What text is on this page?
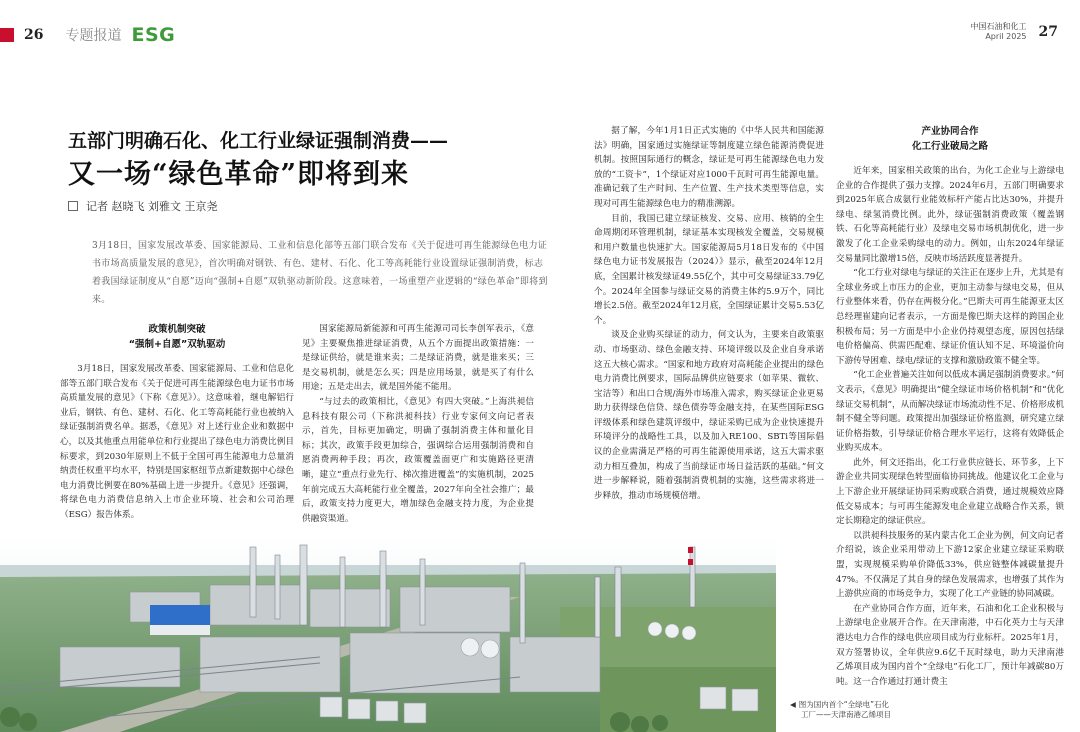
26 专题报道 ESG	中国石油和化工
April 2025 27
五部门明确石化、化工行业绿证强制消费——
又一场“绿色革命”即将到来
记者 赵晓飞 刘雅文 王京尧
3月18日，国家发展改革委、国家能源局、工业和信息化部等五部门联合发布《关于促进可再生能源绿色电力证书市场高质量发展的意见》，首次明确对钢铁、有色、建材、石化、化工等高耗能行业设置绿证强制消费，标志着我国绿证制度从“自愿”迈向“强制+自愿”双轨驱动新阶段。这意味着，一场重塑产业逻辑的“绿色革命”即将到来。
政策机制突破
“强制+自愿”双轨驱动

3月18日，国家发展改革委、国家能源局、工业和信息化部等五部门联合发布《关于促进可再生能源绿色电力证书市场高质量发展的意见》（下称《意见》）。这意味着，继电解铝行业后，钢铁、有色、建材、石化、化工等高耗能行业也被纳入绿证强制消费名单。据悉，《意见》对上述行业企业和数据中心，以及其他重点用能单位和行业提出了绿色电力消费比例目标要求，到2030年原则上不低于全国可再生能源电力总量消纳责任权重平均水平，特别是国家枢纽节点新建数据中心绿色电力消费比例要在80%基础上进一步提升。《意见》还强调，将绿色电力消费信息纳入上市企业环境、社会和公司治理（ESG）报告体系。

国家能源局新能源和可再生能源司司长李创军表示，《意见》主要聚焦推进绿证消费，从五个方面提出政策措施：一是绿证供给，就是谁来卖；二是绿证消费，就是谁来买；三是交易机制，就是怎么买；四是应用场景，就是买了有什么用途；五是走出去，就是国外能不能用。

“与过去的政策相比，《意见》有四大突破。”上海洪昶信息科技有限公司（下称洪昶科技）行业专家何文向记者表示，首先，目标更加确定，明确了强制消费主体和量化目标；其次，政策手段更加综合，强调综合运用强制消费和自愿消费两种手段；再次，政策覆盖面更广和实施路径更清晰，建立“重点行业先行、梯次推进覆盖”的实施机制，2025年前完成五大高耗能行业全覆盖，2027年向全社会推广；最后，政策支持力度更大，增加绿色金融支持力度，为企业提供融资渠道。

据了解，今年1月1日正式实施的《中华人民共和国能源法》明确，国家通过实施绿证等制度建立绿色能源消费促进机制。按照国际通行的概念，绿证是可再生能源绿色电力发放的“工资卡”，1个绿证对应1000千瓦时可再生能源电量。准确记载了生产时间、生产位置、生产技术类型等信息，实现对可再生能源绿色电力的精准溯源。

目前，我国已建立绿证核发、交易、应用、核销的全生命周期闭环管理机制，绿证基本实现核发全覆盖，交易规模和用户数量也快速扩大。国家能源局5月18日发布的《中国绿色电力证书发展报告（2024）》显示，截至2024年12月底，全国累计核发绿证49.55亿个，其中可交易绿证33.79亿个。2024年全国参与绿证交易的消费主体约5.9万个，同比增长2.5倍。截至2024年12月底，全国绿证累计交易5.53亿个。

谈及企业购买绿证的动力，何文认为，主要来自政策驱动、市场驱动、绿色金融支持、环境评级以及企业自身承诺这五大核心需求。“国家和地方政府对高耗能企业提出的绿色电力消费比例要求，国际品牌供应链要求（如苹果、微软、宝洁等）和出口合规/海外市场准入需求，购买绿证企业更易助力获得绿色信贷、绿色债券等金融支持，在某些国际ESG评级体系和绿色建筑评级中，绿证采购已成为企业快速提升环境评分的战略性工具，以及加入RE100、SBTi等国际倡议的企业需满足严格的可再生能源使用承诺，这五大需求驱动力相互叠加，构成了当前绿证市场日益活跃的基础。”何文进一步解释说，随着强制消费机制的实施，这些需求将进一步释放，推动市场规模倍增。

产业协同合作
化工行业破局之路

近年来，国家相关政策的出台，为化工企业与上游绿电企业的合作提供了强力支撑。2024年6月，五部门明确要求到2025年底合成氨行业能效标杆产能占比达30%，并提升绿电、绿氢消费比例。此外，绿证强制消费政策（覆盖钢铁、石化等高耗能行业）及绿电交易市场机制优化，进一步激发了化工企业采购绿电的动力。例如，山东2024年绿证交易量同比激增15倍，反映市场活跃度显著提升。

“化工行业对绿电与绿证的关注正在逐步上升，尤其是有全球业务或上市压力的企业，更加主动参与绿电交易，但从行业整体来看，仍存在两极分化。”巴斯夫可再生能源亚太区总经理崔建向记者表示，一方面是像巴斯夫这样的跨国企业积极布局；另一方面是中小企业仍持观望态度，原因包括绿电价格偏高、供需匹配难、绿证价值认知不足、环境溢价向下游传导困难、绿电/绿证的支撑和激励政策不健全等。

“化工企业普遍关注如何以低成本满足强制消费要求。”何文表示，《意见》明确提出“健全绿证市场价格机制”和“优化绿证交易机制”，从而解决绿证市场流动性不足、价格形成机制不健全等问题。政策提出加强绿证价格监测，研究建立绿证价格指数，引导绿证价格合理水平运行，这将有效降低企业购买成本。

此外，何文还指出，化工行业供应链长、环节多，上下游企业共同实现绿色转型面临协同挑战。他建议化工企业与上下游企业开展绿证协同采购或联合消费，通过规模效应降低交易成本；与可再生能源发电企业建立战略合作关系，锁定长期稳定的绿证供应。

以洪昶科技服务的某内蒙古化工企业为例，何文向记者介绍说，该企业采用带动上下游12家企业建立绿证采购联盟，实现规模采购单价降低33%，供应链整体减碳量提升47%。不仅满足了其自身的绿色发展需求，也增强了其作为上游供应商的市场竞争力，实现了化工产业链的协同减碳。

在产业协同合作方面，近年来，石油和化工企业积极与上游绿电企业展开合作。在天津南港，中石化英力士与天津港达电力合作的绿电供应项目成为行业标杆。2025年1月，双方签署协议，全年供应9.6亿千瓦时绿电，助力天津南港乙烯项目成为国内首个“全绿电”石化工厂，预计年减碳80万吨。这一合作通过打通计费主

◀ 图为国内首个“全绿电”石化
工厂——天津南港乙烯项目
